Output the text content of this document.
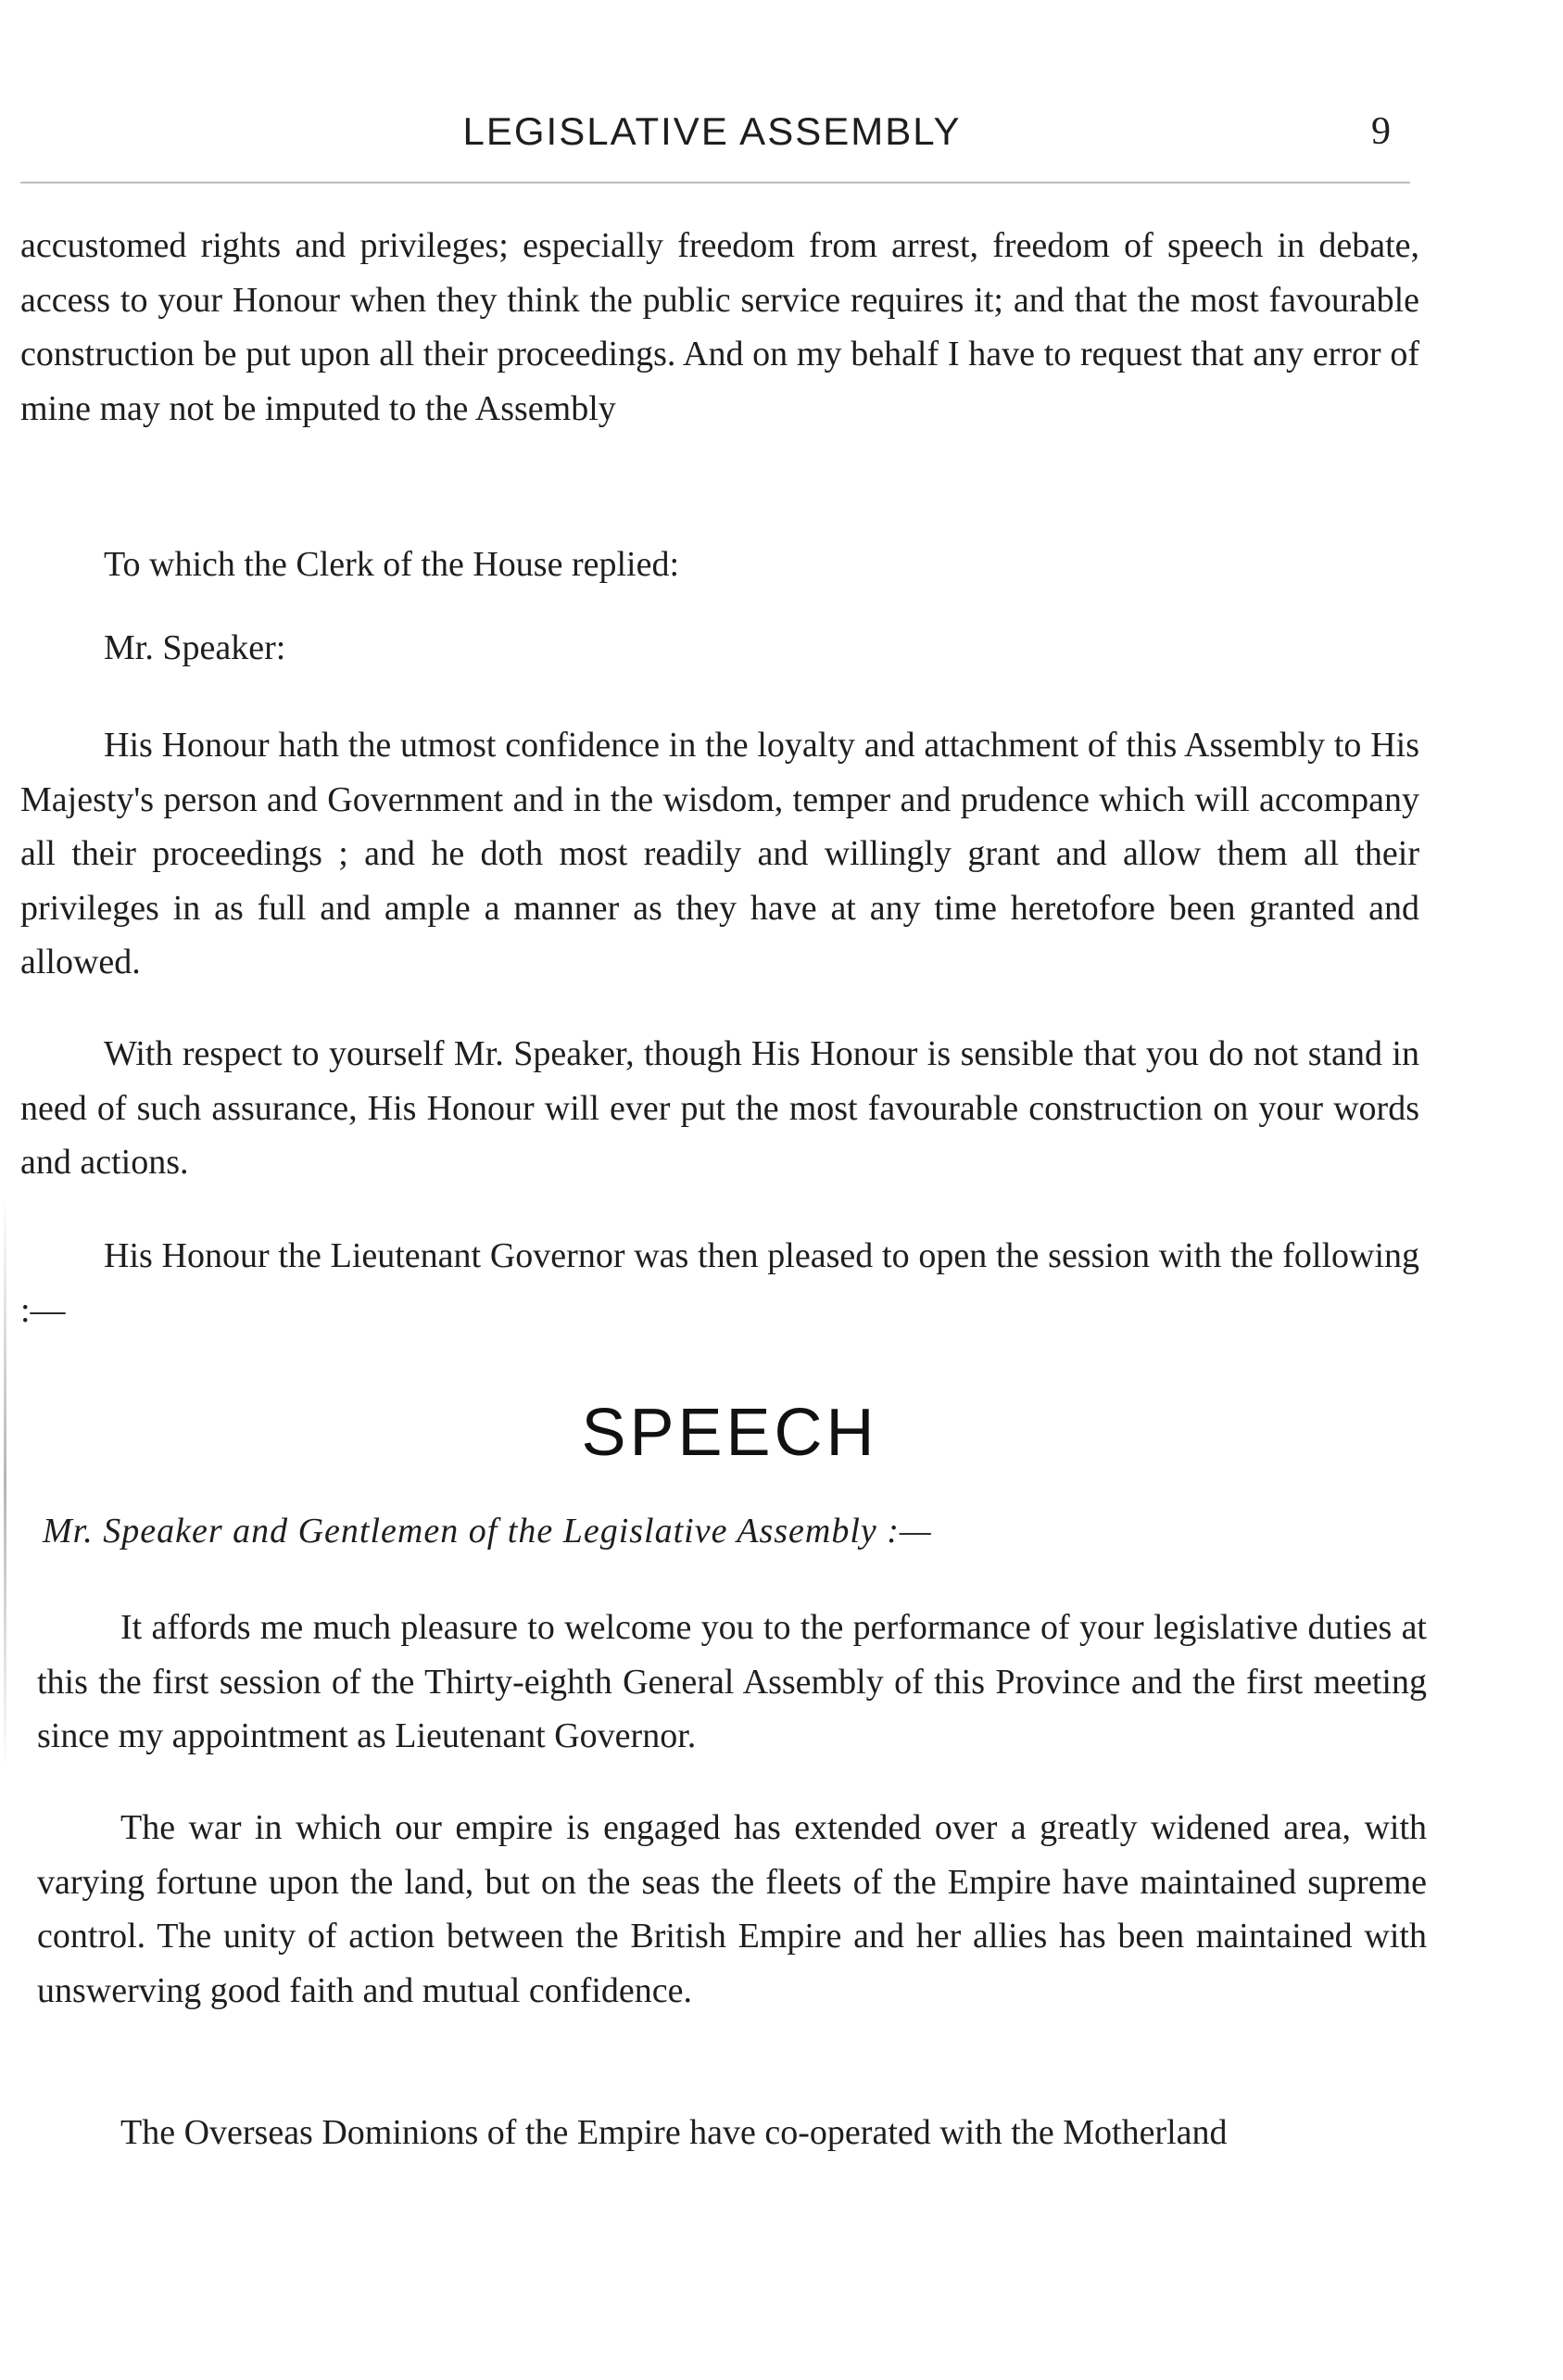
LEGISLATIVE ASSEMBLY	9

accustomed rights and privileges; especially freedom from arrest, freedom of speech in debate, access to your Honour when they think the public service requires it; and that the most favourable construction be put upon all their proceedings. And on my behalf I have to request that any error of mine may not be imputed to the Assembly

To which the Clerk of the House replied:

Mr. Speaker:

His Honour hath the utmost confidence in the loyalty and attachment of this Assembly to His Majesty's person and Government and in the wisdom, temper and prudence which will accompany all their proceedings ; and he doth most readily and willingly grant and allow them all their privileges in as full and ample a manner as they have at any time heretofore been granted and allowed.

With respect to yourself Mr. Speaker, though His Honour is sensible that you do not stand in need of such assurance, His Honour will ever put the most favourable construction on your words and actions.

His Honour the Lieutenant Governor was then pleased to open the session with the following :—

SPEECH
Mr. Speaker and Gentlemen of the Legislative Assembly :—

It affords me much pleasure to welcome you to the performance of your legislative duties at this the first session of the Thirty-eighth General Assembly of this Province and the first meeting since my appointment as Lieutenant Governor.

The war in which our empire is engaged has extended over a greatly widened area, with varying fortune upon the land, but on the seas the fleets of the Empire have maintained supreme control. The unity of action between the British Empire and her allies has been maintained with unswerving good faith and mutual confidence.

The Overseas Dominions of the Empire have co-operated with the Motherland
